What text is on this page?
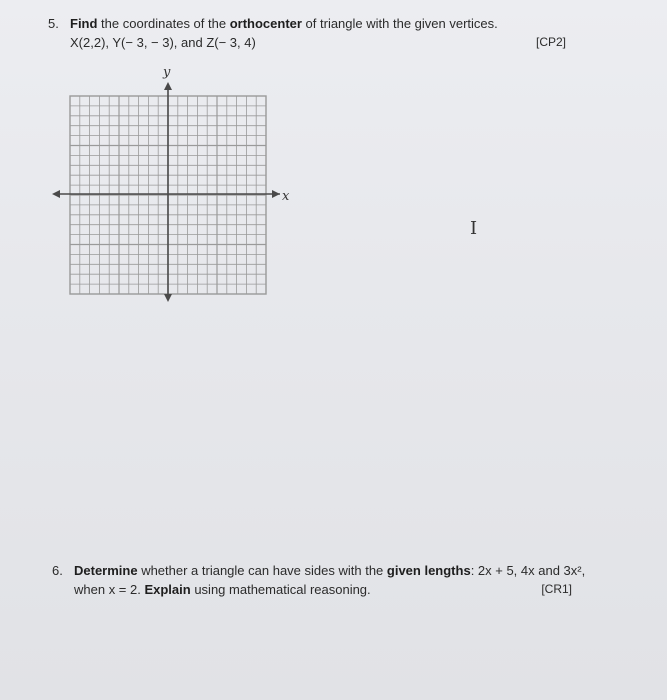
5. Find the coordinates of the orthocenter of triangle with the given vertices.
X(2,2), Y(− 3, − 3), and Z(− 3, 4)	[CP2]
x
y
I
6. Determine whether a triangle can have sides with the given lengths: 2x + 5, 4x and 3x²,
when x = 2. Explain using mathematical reasoning.	[CR1]
